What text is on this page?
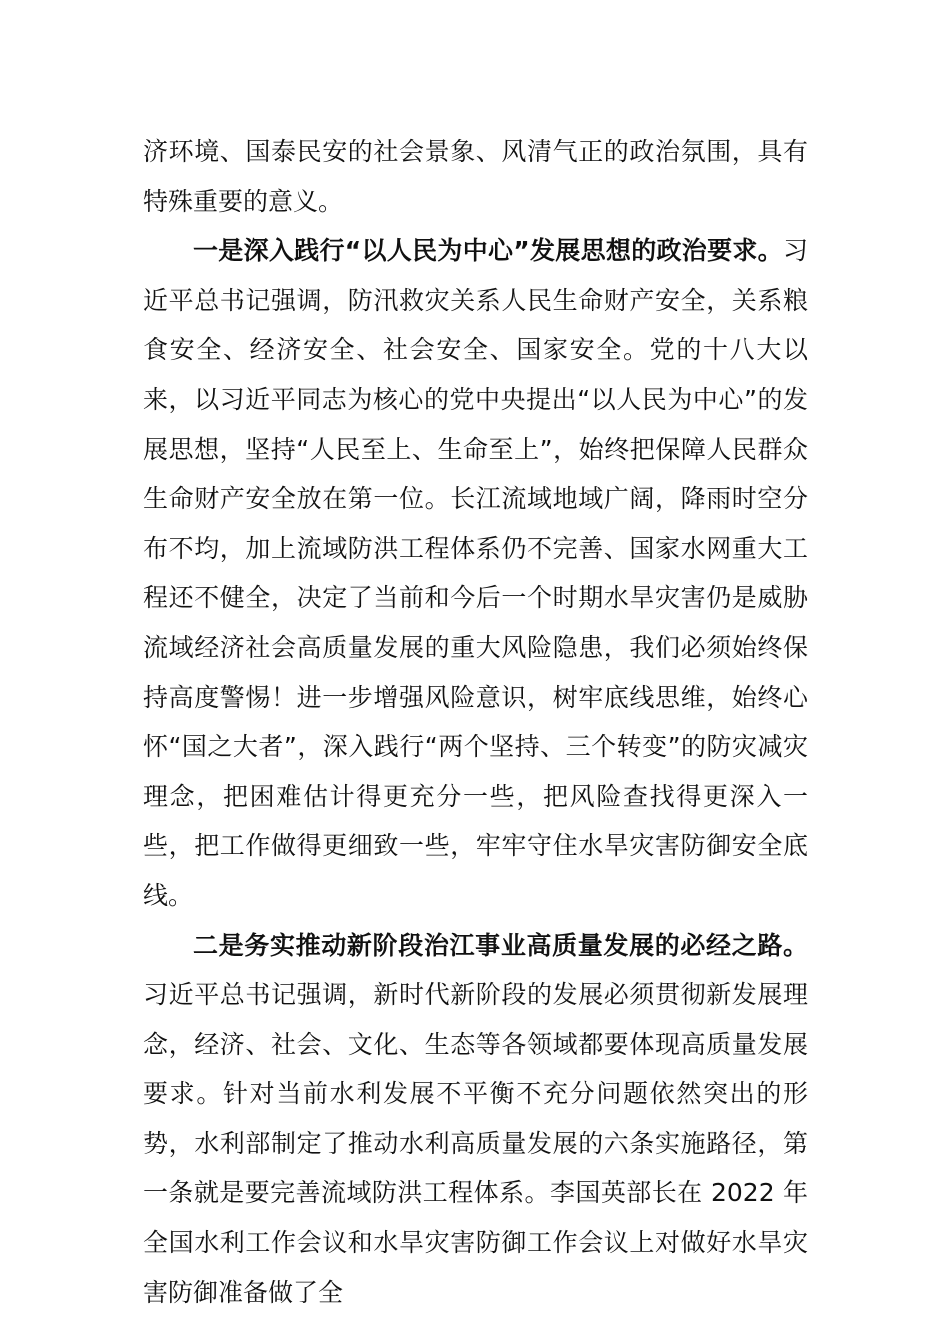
济环境、国泰民安的社会景象、风清气正的政治氛围，具有特殊重要的意义。

一是深入践行“以人民为中心”发展思想的政治要求。习近平总书记强调，防汛救灾关系人民生命财产安全，关系粮食安全、经济安全、社会安全、国家安全。党的十八大以来，以习近平同志为核心的党中央提出“以人民为中心”的发展思想，坚持“人民至上、生命至上”，始终把保障人民群众生命财产安全放在第一位。长江流域地域广阔，降雨时空分布不均，加上流域防洪工程体系仍不完善、国家水网重大工程还不健全，决定了当前和今后一个时期水旱灾害仍是威胁流域经济社会高质量发展的重大风险隐患，我们必须始终保持高度警惕！进一步增强风险意识，树牢底线思维，始终心怀“国之大者”，深入践行“两个坚持、三个转变”的防灾减灾理念，把困难估计得更充分一些，把风险查找得更深入一些，把工作做得更细致一些，牢牢守住水旱灾害防御安全底线。

二是务实推动新阶段治江事业高质量发展的必经之路。习近平总书记强调，新时代新阶段的发展必须贯彻新发展理念，经济、社会、文化、生态等各领域都要体现高质量发展要求。针对当前水利发展不平衡不充分问题依然突出的形势，水利部制定了推动水利高质量发展的六条实施路径，第一条就是要完善流域防洪工程体系。李国英部长在 2022 年全国水利工作会议和水旱灾害防御工作会议上对做好水旱灾害防御准备做了全
